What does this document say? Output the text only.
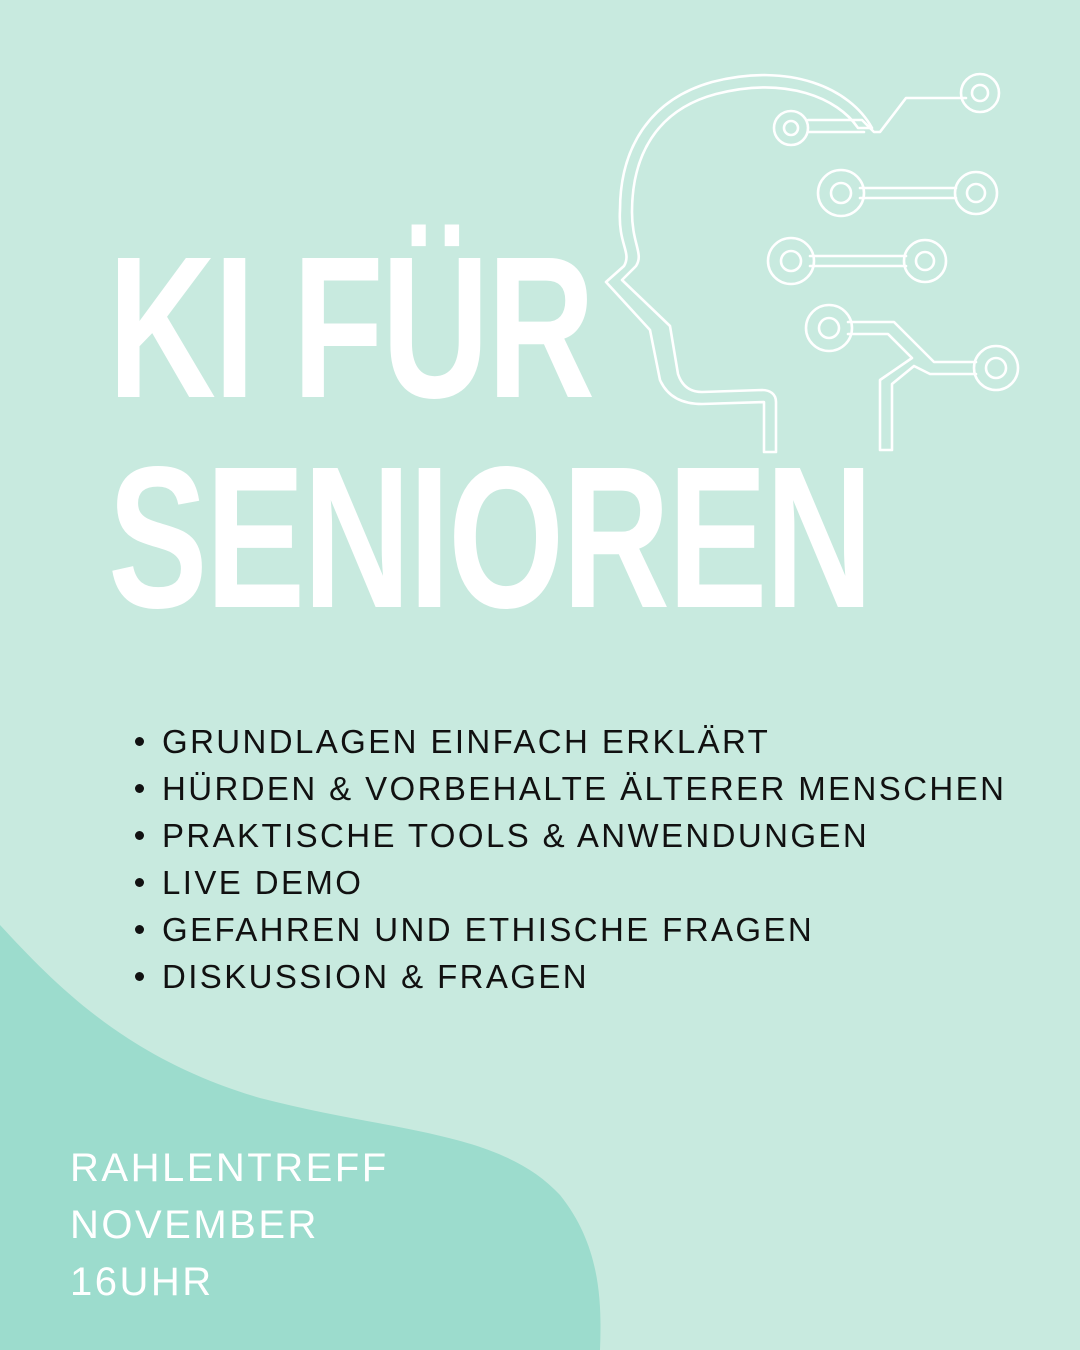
KI FÜR
SENIOREN
GRUNDLAGEN EINFACH ERKLÄRT
HÜRDEN & VORBEHALTE ÄLTERER MENSCHEN
PRAKTISCHE TOOLS & ANWENDUNGEN
LIVE DEMO
GEFAHREN UND ETHISCHE FRAGEN
DISKUSSION & FRAGEN
RAHLENTREFF
NOVEMBER
16UHR
